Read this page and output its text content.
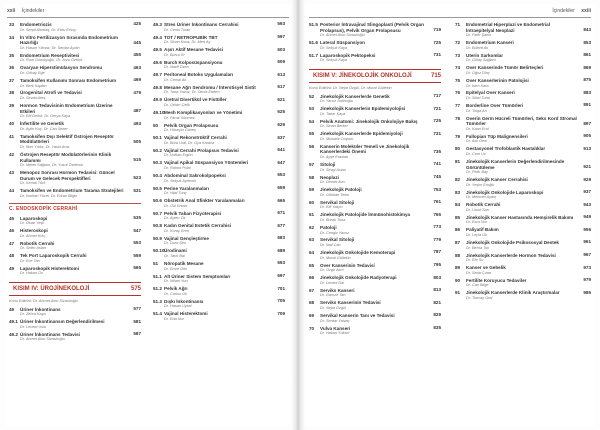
xxii İçindekiler
33 Endometriozis	425
Dr. Serpil Altıntaş, Dr. Ebru Ersoy
34 İn Vitro Fertilizasyon Sırasında Endometrium Hazırlığı	445
Dr. Hasan Yılmaz, Dr. Serdar Aydın
35 Endometrium Reseptivitesi	455
Dr. Rıza Gümüşoğlu, Dr. Arzu Öztürk
36 Ovaryan Hiperstimülasyon Sendromu	463
Dr. Gökay Ege
37 Tamoksifen Kullanımı Sonrası Endometrium	469
Dr. Berk Kaplan
38 Ürogenital Atrofi ve Tedavisi	479
Dr. Sevda Ateş
39 Hormon Tedavisinin Endometrium Üzerine Etkileri	487
Dr. Elif Demir, Dr. Derya Kaya
40 İnfertilite ve Genetik	493
Dr. Aylin Koç, Dr. Can Sezer
41 Tamoksifen Dışı Selektif Östrojen Reseptör Modülatörleri	505
Dr. İlker Yıldız, Dr. Yasin Aras
42 Östrojen Reseptör Modülatörlerinin Klinik Kullanımı	515
Dr. Melek Sağlam, Dr. Yusuf Özdemir
43 Menopoz Sonrası Hormon Tedavisi: Güncel Durum ve Gelecek Perspektifleri	523
Dr. Kemal Türk
44 Tamoksifen ve Endometrium Tarama Stratejileri	531
Dr. Nurhan Yücel, Dr. Erkan Bilgin
C. ENDOSKOPİK CERRAHİ
45 Laparoskopi	535
Dr. Okan Yeşil
46 Histeroskopi	547
Dr. Ahmet Kılıç
47 Robotik Cerrahi	553
Dr. Selim Aslan
48 Tek Port Laparoskopik Cerrahi	559
Dr. Ece Tan
49 Laparoskopik Histerektomi	565
Dr. Hakan Öz
KISIM IV: ÜROJİNEKOLOJİ	575
Konu Editörü: Dr. Ahmet Akın Sivaslıoğlu
49 Üriner İnkontinans	577
Dr. Zehra Kaya
49.1 Üriner İnkontinansın Değerlendirilmesi	581
Dr. Levent Uslu
49.2 Üriner İnkontinans Tedavisi	587
Dr. Ahmet Akın Sivaslıoğlu
49.3 Stres Üriner İnkontinans Cerrahisi	593
Dr. Cemil Turan
49.4 TOT / RETROPUBİK TBT	597
Dr. Sinan Koca, Dr. Mert Ay
49.5 Aşırı Aktif Mesane Tedavisi	603
Dr. Burcu Er
49.6 Burch Kolposüspansiyonu	609
Dr. Nazif Özen
49.7 Peritoneal Botoks Uygulamaları	613
Dr. Cemal Ak
49.8 Mesane Ağrı Sendromu / İnterstisyel Sistit	617
Dr. Tuba Yavuz, Dr. Deniz Erdem
49.9 Üretral Divertikül ve Fistüller	621
Dr. Orhan Çelik
49.10 Mesh Komplikasyonları ve Yönetimi	625
Dr. Faruk Sönmez
50 Pelvik Organ Prolapsusu	629
Dr. Hüseyin Güneş
50.1 Vajinal Rekonstrüktif Cerrahi	637
Dr. Bora Ural, Dr. Oya Karaca
50.2 Vajinal Cerrahi Prolapsus Tedavisi	641
Dr. Volkan Ergün
50.3 Vajinal Apikal Süspansiyon Yöntemleri	647
Dr. Rahmi Polat
50.4 Abdominal Sakrokolpopeksi	653
Dr. Selçuk Aydemir
50.5 Perine Yaralanmaları	659
Dr. Hilal Tunç
50.6 Obstetrik Anal Sfinkter Yaralanmaları	665
Dr. Gül Erkan
50.7 Pelvik Taban Fizyoterapisi	671
Dr. Ayten Öz
50.8 Kadın Genital Estetik Cerrahisi	677
Dr. Koray Eren
50.9 Vajinal Gençleştirme	683
Dr. Duru Şen
50.10 Ürodinami	689
Dr. Tarık Bal
51 Nöropatik Mesane	693
Dr. Emre Gök
51.1 Alt Üriner Sistem Semptomları	697
Dr. Nihan Yurt
51.2 Pelvik Ağrı	701
Dr. Cansu Ok
51.3 Dışkı İnkontinansı	705
Dr. Hasan Uysal
51.4 Vajinal Histerektomi	709
Dr. Eda Nur
İçindekiler xxiii
51.5 Posterior İntravajinal Slingoplasti (Pelvik Organ Prolapsus), Pelvik Organ Prolapsusu	719
Dr. Ahmet Akın Sivaslıoğlu
51.6 Lateral Süspansiyon	725
Dr. Selçuk Kaya
51.7 Laparoskopik Pektopeksi	731
Dr. Selçuk Kaya
KISIM V: JİNEKOLOJİK ONKOLOJİ	715
Konu Editörü: Dr. Nejat Özgül, Dr. Murat Gültekin
52 Jinekolojik Kanserlerde Genetik	717
Dr. Yavuz Salihoğlu
53 Jinekolojik Kanserlerin Epidemiyolojisi	721
Dr. Taner Kaya
54 Pelvik Anatomi: Jinekolojik Onkolojiye Bakış	725
Dr. Sinan Berker
55 Jinekolojik Kanserlerde Epidemiyoloji	731
Dr. Mustafa Coşkun
56 Kanserin Moleküler Temeli ve Jinekolojik Kanserlerdeki Önemi	735
Dr. Ayşe Eraslan
57 Sitoloji	741
Dr. Sevgi Aslan
58 Neoplazi	745
Dr. Demet Avcı
59 Jinekolojik Patoloji	753
Dr. Gökhan Tekin
60 Servikal Sitoloji	761
Dr. Elif Yalçın
61 Jinekolojik Patolojide İmmünohistokimya	765
Dr. Burak Tuna
62 Patoloji	773
Dr. Cengiz Yavuz
63 Servikal Sitoloji	779
Dr. Nail Can
64 Jinekolojik Onkolojide Kemoterapi	787
Dr. Murat Gültekin
65 Over Kanserinin Tedavisi	795
Dr. Özge Akın
66 Jinekolojik Onkolojide Radyoterapi	803
Dr. Levent Dal
67 Serviks Kanseri	813
Dr. Gamze Tan
68 Serviks Kanserinin Tedavisi	821
Dr. Nejat Özgül
69 Servikal Kanserin Tanı ve Tedavisi	829
Dr. Serdar Yalvaç
70 Vulva Kanseri	835
Dr. Hakan Yüksel
71 Endometrial Hiperplazi ve Endometrial İntraepitelyal Neoplazi	843
Dr. Fatih Şahin
72 Endometrium Kanseri	853
Dr. Bülent Ak
73 Uterin Sarkomlar	861
Dr. Gülay Sağlam
74 Over Kanserinde Tümör Belirteçleri	869
Dr. Oğuz Dinç
75 Over Kanserlerinin Patolojisi	875
Dr. İrem Kara
76 Epitelyal Over Kanseri	883
Dr. Sibel Tuna
77 Borderline Over Tümörleri	891
Dr. Tolga Arı
78 Overin Germ Hücreli Tümörleri, Seks Kord Stromal Tümörler	897
Dr. Kaan Erol
79 Fallopian Tüp Malignensileri	905
Dr. Aslı Dem
80 Gestasyonel Trofoblastik Hastalıklar	913
Dr. Cem Uz
81 Jinekolojik Kanserlerin Değerlendirilmesinde Görüntüleme	921
Dr. Pelin Bay
82 Jinekolojik Kanser Cerrahisi	929
Dr. Yeşim Eroğlu
83 Jinekolojik Onkolojide Laparoskopi	937
Dr. Mehmet Aydın
84 Robotik Cerrahi	943
Dr. Umut Sarı
85 Jinekolojik Kanser Hastasında Hemşirelik Bakımı	949
Dr. Esra Nur
86 Paliyatif Bakım	955
Dr. Leyla Ok
87 Jinekolojik Onkolojide Psikososyal Destek	961
Dr. Berna Tok
88 Jinekolojik Kanserlerde Hormon Tedavisi	967
Dr. Efe Su
89 Kanser ve Gebelik	973
Dr. Seda Çınar
90 Fertilite Koruyucu Tedaviler	979
Dr. Can Bilge
91 Jinekolojik Kanserlerde Klinik Araştırmalar	985
Dr. Tuncay Oral
